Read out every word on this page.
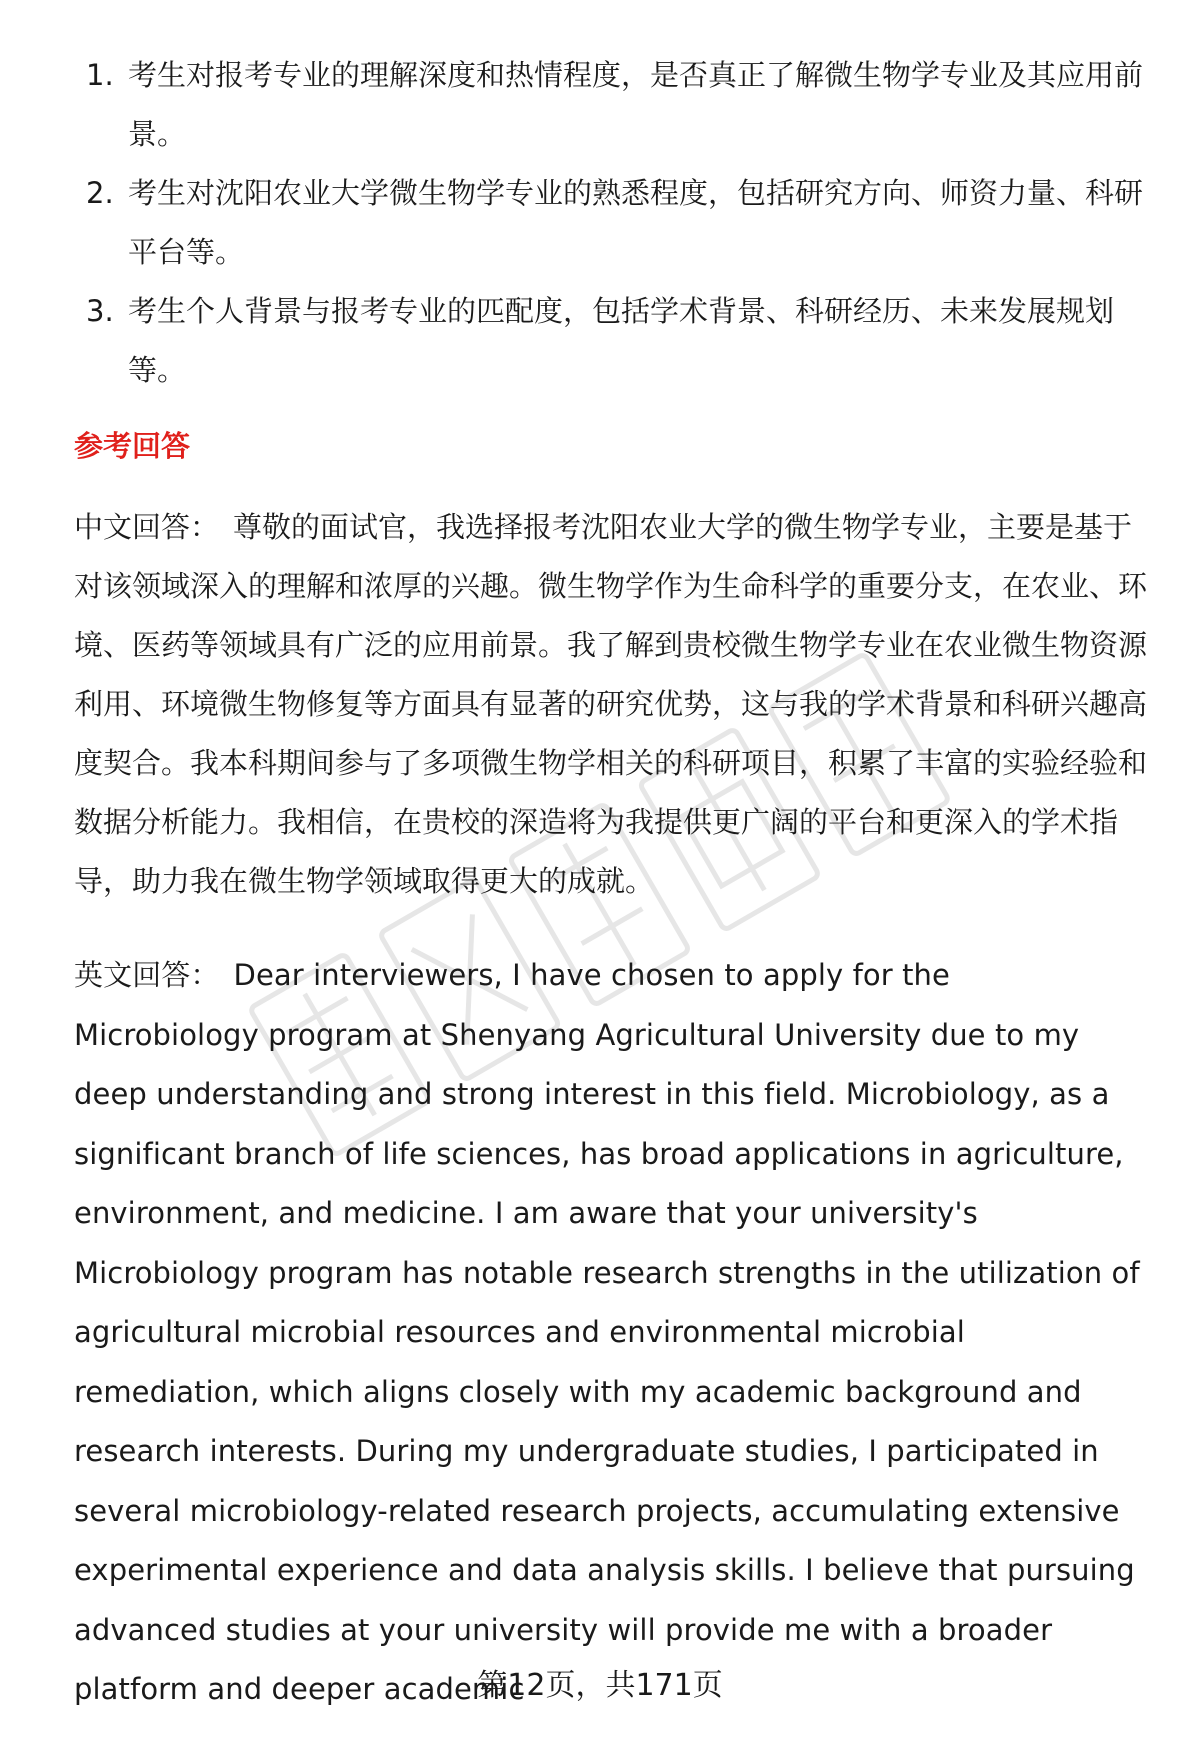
1. 考生对报考专业的理解深度和热情程度，是否真正了解微生物学专业及其应用前景。
2. 考生对沈阳农业大学微生物学专业的熟悉程度，包括研究方向、师资力量、科研平台等。
3. 考生个人背景与报考专业的匹配度，包括学术背景、科研经历、未来发展规划等。
参考回答

中文回答： 尊敬的面试官，我选择报考沈阳农业大学的微生物学专业，主要是基于对该领域深入的理解和浓厚的兴趣。微生物学作为生命科学的重要分支，在农业、环境、医药等领域具有广泛的应用前景。我了解到贵校微生物学专业在农业微生物资源利用、环境微生物修复等方面具有显著的研究优势，这与我的学术背景和科研兴趣高度契合。我本科期间参与了多项微生物学相关的科研项目，积累了丰富的实验经验和数据分析能力。我相信，在贵校的深造将为我提供更广阔的平台和更深入的学术指导，助力我在微生物学领域取得更大的成就。

英文回答： Dear interviewers, I have chosen to apply for the Microbiology program at Shenyang Agricultural University due to my deep understanding and strong interest in this field. Microbiology, as a significant branch of life sciences, has broad applications in agriculture, environment, and medicine. I am aware that your university's Microbiology program has notable research strengths in the utilization of agricultural microbial resources and environmental microbial remediation, which aligns closely with my academic background and research interests. During my undergraduate studies, I participated in several microbiology-related research projects, accumulating extensive experimental experience and data analysis skills. I believe that pursuing advanced studies at your university will provide me with a broader platform and deeper academic

第12页，共171页
